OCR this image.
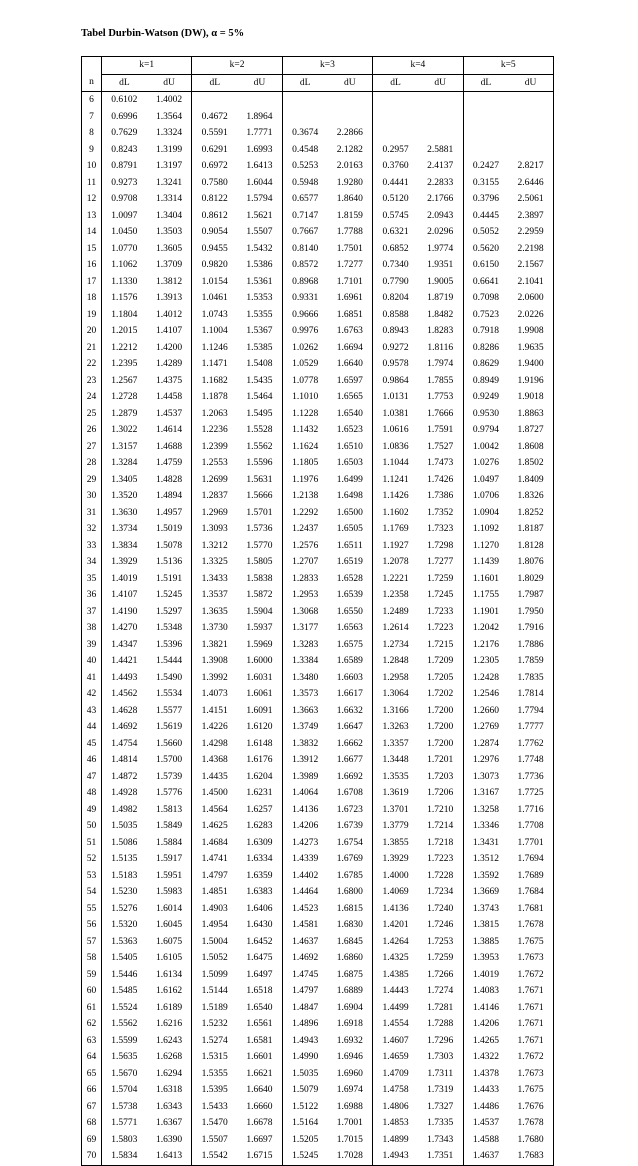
Tabel Durbin-Watson (DW), α = 5%
	k=1		k=2		k=3		k=4		k=5	
n	dL	dU	dL	dU	dL	dU	dL	dU	dL	dU
6	0.6102	1.4002								
7	0.6996	1.3564	0.4672	1.8964						
8	0.7629	1.3324	0.5591	1.7771	0.3674	2.2866				
9	0.8243	1.3199	0.6291	1.6993	0.4548	2.1282	0.2957	2.5881		
10	0.8791	1.3197	0.6972	1.6413	0.5253	2.0163	0.3760	2.4137	0.2427	2.8217
11	0.9273	1.3241	0.7580	1.6044	0.5948	1.9280	0.4441	2.2833	0.3155	2.6446
12	0.9708	1.3314	0.8122	1.5794	0.6577	1.8640	0.5120	2.1766	0.3796	2.5061
13	1.0097	1.3404	0.8612	1.5621	0.7147	1.8159	0.5745	2.0943	0.4445	2.3897
14	1.0450	1.3503	0.9054	1.5507	0.7667	1.7788	0.6321	2.0296	0.5052	2.2959
15	1.0770	1.3605	0.9455	1.5432	0.8140	1.7501	0.6852	1.9774	0.5620	2.2198
16	1.1062	1.3709	0.9820	1.5386	0.8572	1.7277	0.7340	1.9351	0.6150	2.1567
17	1.1330	1.3812	1.0154	1.5361	0.8968	1.7101	0.7790	1.9005	0.6641	2.1041
18	1.1576	1.3913	1.0461	1.5353	0.9331	1.6961	0.8204	1.8719	0.7098	2.0600
19	1.1804	1.4012	1.0743	1.5355	0.9666	1.6851	0.8588	1.8482	0.7523	2.0226
20	1.2015	1.4107	1.1004	1.5367	0.9976	1.6763	0.8943	1.8283	0.7918	1.9908
21	1.2212	1.4200	1.1246	1.5385	1.0262	1.6694	0.9272	1.8116	0.8286	1.9635
22	1.2395	1.4289	1.1471	1.5408	1.0529	1.6640	0.9578	1.7974	0.8629	1.9400
23	1.2567	1.4375	1.1682	1.5435	1.0778	1.6597	0.9864	1.7855	0.8949	1.9196
24	1.2728	1.4458	1.1878	1.5464	1.1010	1.6565	1.0131	1.7753	0.9249	1.9018
25	1.2879	1.4537	1.2063	1.5495	1.1228	1.6540	1.0381	1.7666	0.9530	1.8863
26	1.3022	1.4614	1.2236	1.5528	1.1432	1.6523	1.0616	1.7591	0.9794	1.8727
27	1.3157	1.4688	1.2399	1.5562	1.1624	1.6510	1.0836	1.7527	1.0042	1.8608
28	1.3284	1.4759	1.2553	1.5596	1.1805	1.6503	1.1044	1.7473	1.0276	1.8502
29	1.3405	1.4828	1.2699	1.5631	1.1976	1.6499	1.1241	1.7426	1.0497	1.8409
30	1.3520	1.4894	1.2837	1.5666	1.2138	1.6498	1.1426	1.7386	1.0706	1.8326
31	1.3630	1.4957	1.2969	1.5701	1.2292	1.6500	1.1602	1.7352	1.0904	1.8252
32	1.3734	1.5019	1.3093	1.5736	1.2437	1.6505	1.1769	1.7323	1.1092	1.8187
33	1.3834	1.5078	1.3212	1.5770	1.2576	1.6511	1.1927	1.7298	1.1270	1.8128
34	1.3929	1.5136	1.3325	1.5805	1.2707	1.6519	1.2078	1.7277	1.1439	1.8076
35	1.4019	1.5191	1.3433	1.5838	1.2833	1.6528	1.2221	1.7259	1.1601	1.8029
36	1.4107	1.5245	1.3537	1.5872	1.2953	1.6539	1.2358	1.7245	1.1755	1.7987
37	1.4190	1.5297	1.3635	1.5904	1.3068	1.6550	1.2489	1.7233	1.1901	1.7950
38	1.4270	1.5348	1.3730	1.5937	1.3177	1.6563	1.2614	1.7223	1.2042	1.7916
39	1.4347	1.5396	1.3821	1.5969	1.3283	1.6575	1.2734	1.7215	1.2176	1.7886
40	1.4421	1.5444	1.3908	1.6000	1.3384	1.6589	1.2848	1.7209	1.2305	1.7859
41	1.4493	1.5490	1.3992	1.6031	1.3480	1.6603	1.2958	1.7205	1.2428	1.7835
42	1.4562	1.5534	1.4073	1.6061	1.3573	1.6617	1.3064	1.7202	1.2546	1.7814
43	1.4628	1.5577	1.4151	1.6091	1.3663	1.6632	1.3166	1.7200	1.2660	1.7794
44	1.4692	1.5619	1.4226	1.6120	1.3749	1.6647	1.3263	1.7200	1.2769	1.7777
45	1.4754	1.5660	1.4298	1.6148	1.3832	1.6662	1.3357	1.7200	1.2874	1.7762
46	1.4814	1.5700	1.4368	1.6176	1.3912	1.6677	1.3448	1.7201	1.2976	1.7748
47	1.4872	1.5739	1.4435	1.6204	1.3989	1.6692	1.3535	1.7203	1.3073	1.7736
48	1.4928	1.5776	1.4500	1.6231	1.4064	1.6708	1.3619	1.7206	1.3167	1.7725
49	1.4982	1.5813	1.4564	1.6257	1.4136	1.6723	1.3701	1.7210	1.3258	1.7716
50	1.5035	1.5849	1.4625	1.6283	1.4206	1.6739	1.3779	1.7214	1.3346	1.7708
51	1.5086	1.5884	1.4684	1.6309	1.4273	1.6754	1.3855	1.7218	1.3431	1.7701
52	1.5135	1.5917	1.4741	1.6334	1.4339	1.6769	1.3929	1.7223	1.3512	1.7694
53	1.5183	1.5951	1.4797	1.6359	1.4402	1.6785	1.4000	1.7228	1.3592	1.7689
54	1.5230	1.5983	1.4851	1.6383	1.4464	1.6800	1.4069	1.7234	1.3669	1.7684
55	1.5276	1.6014	1.4903	1.6406	1.4523	1.6815	1.4136	1.7240	1.3743	1.7681
56	1.5320	1.6045	1.4954	1.6430	1.4581	1.6830	1.4201	1.7246	1.3815	1.7678
57	1.5363	1.6075	1.5004	1.6452	1.4637	1.6845	1.4264	1.7253	1.3885	1.7675
58	1.5405	1.6105	1.5052	1.6475	1.4692	1.6860	1.4325	1.7259	1.3953	1.7673
59	1.5446	1.6134	1.5099	1.6497	1.4745	1.6875	1.4385	1.7266	1.4019	1.7672
60	1.5485	1.6162	1.5144	1.6518	1.4797	1.6889	1.4443	1.7274	1.4083	1.7671
61	1.5524	1.6189	1.5189	1.6540	1.4847	1.6904	1.4499	1.7281	1.4146	1.7671
62	1.5562	1.6216	1.5232	1.6561	1.4896	1.6918	1.4554	1.7288	1.4206	1.7671
63	1.5599	1.6243	1.5274	1.6581	1.4943	1.6932	1.4607	1.7296	1.4265	1.7671
64	1.5635	1.6268	1.5315	1.6601	1.4990	1.6946	1.4659	1.7303	1.4322	1.7672
65	1.5670	1.6294	1.5355	1.6621	1.5035	1.6960	1.4709	1.7311	1.4378	1.7673
66	1.5704	1.6318	1.5395	1.6640	1.5079	1.6974	1.4758	1.7319	1.4433	1.7675
67	1.5738	1.6343	1.5433	1.6660	1.5122	1.6988	1.4806	1.7327	1.4486	1.7676
68	1.5771	1.6367	1.5470	1.6678	1.5164	1.7001	1.4853	1.7335	1.4537	1.7678
69	1.5803	1.6390	1.5507	1.6697	1.5205	1.7015	1.4899	1.7343	1.4588	1.7680
70	1.5834	1.6413	1.5542	1.6715	1.5245	1.7028	1.4943	1.7351	1.4637	1.7683
